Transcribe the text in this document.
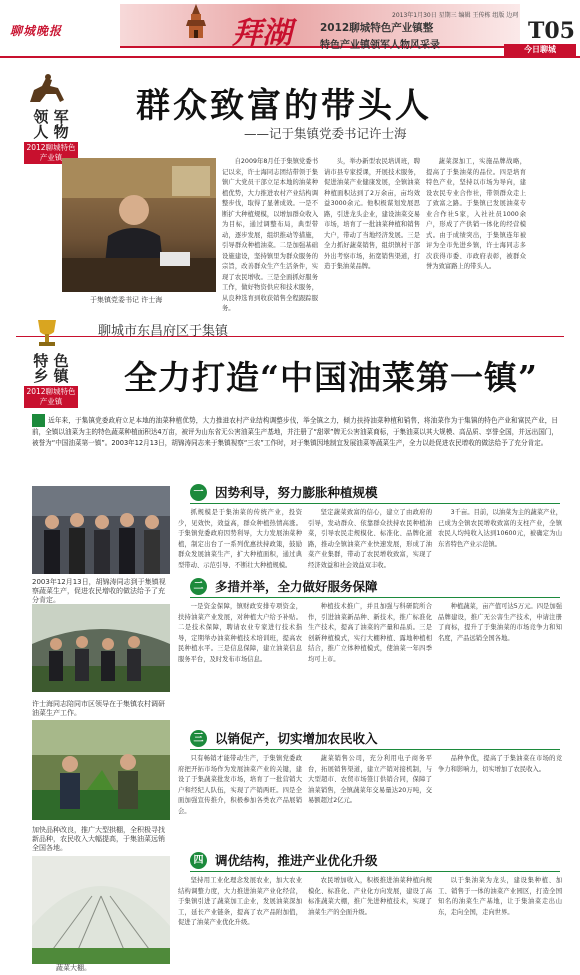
聊城晚报	拜湖	2012聊城特色产业镇整
特色产业镇领军人物风采录
2013年1月30日 星期三 编辑 王传栋 组版 边珂
T05
今日聊城
领 军 人 物
2012聊城特色产业镇
群众致富的带头人
——记于集镇党委书记许士海
于集镇党委书记 许士海

自2009年8月任于集镇党委书记以来，许士海同志团结带领于集镇广大党员干部立足本地的油菜种植优势，大力推进农村产业结构调整步伐，取得了显著成效。一是不断扩大种植规模，以增加群众收入为目标，通过调整布局，典型带动，逐步发展，组织推动等措施，引导群众种植油菜。二是加强基础设施建设，坚持镇里为群众服务的宗旨，改善群众生产生活条件，实现了农民增收。三是全面抓好服务工作，做好物资供应和技术服务，从良种选育到收获销售全程跟踪服务。

头，举办新型农民培训班，聘请市县专家授课，开展技术服务，促进油菜产业健康发展，全镇油菜种植面积达到了2万余亩，亩均效益3000余元。他积极谋划发展思路，引进龙头企业，建设油菜交易市场，培育了一批油菜种植和销售大户，带动了当地经济发展。三是全力抓好蔬菜销售，组织镇村干部外出考察市场，拓宽销售渠道，打造于集油菜品牌。

蔬菜深加工，实施品牌战略，提高了于集油菜的品位。四是培育特色产业，坚持以市场为导向，建设农民专业合作社，带领群众走上了致富之路。于集镇已发展油菜专业合作社5家，入社社员1000余户，形成了产供销一体化的经营模式。由于成绩突出，于集镇连年被评为全市先进乡镇，许士海同志多次获得市委、市政府表彰，被群众誉为致富路上的带头人。

特 色 乡 镇
2012聊城特色产业镇
聊城市东昌府区于集镇
全力打造“中国油菜第一镇”
近年来，于集镇党委政府立足本地的油菜种植优势，大力推进农村产业结构调整步伐，举全镇之力，倾力扶持油菜种植和销售，将油菜作为于集镇的特色产业和富民产业，目前，全镇以油菜为主的特色蔬菜种植面积达4万亩，被评为山东省无公害油菜生产基地，并注册了“甜翠”牌无公害油菜商标，于集油菜以其大规模、高品质、享誉全国，并远出国门，被誉为“中国油菜第一镇”。2003年12月13日，胡锦涛同志来于集镇视察“三农”工作时，对于集镇因地制宜发展油菜等蔬菜生产，全力以赴促进农民增收的做法给予了充分肯定。
2003年12月13日，胡锦涛同志到于集镇视察蔬菜生产，促进农民增收的做法给予了充分肯定。
许士海同志陪同市区领导在于集镇农村调研油菜生产工作。
加快品种改良，推广大型拱棚，全积极寻找新品种，农民收入大幅提高，于集油菜远销全国各地。
蔬菜大棚。
一 因势利导，努力膨胀种植规模

抓规模是于集油菜的传统产业，投资少，见效快，效益高，群众种植热情高涨。于集镇党委政府因势利导，大力发展油菜种植，制定出台了一系列优惠扶持政策，鼓励群众发展油菜生产，扩大种植面积，通过典型带动、示范引导，不断壮大种植规模。

坚定蔬菜致富的信心，建立了由政府的引导，发动群众、依靠群众扶持农民种植油菜，引导农民走规模化、标准化、品牌化道路，推动全镇油菜产业快速发展，形成了油菜产业集群，带动了农民增收致富，实现了经济效益和社会效益双丰收。

3千亩。目前，以油菜为主的蔬菜产业，已成为全镇农民增收致富的支柱产业，全镇农民人均纯收入达到10600元，被确定为山东省特色产业示范镇。

二 多措并举，全力做好服务保障

一是资金保障，镇财政安排专项资金，扶持油菜产业发展，对种植大户给予补贴。二是技术保障，聘请农业专家进行技术指导，定期举办油菜种植技术培训班，提高农民种植水平。三是信息保障，建立油菜信息服务平台，及时发布市场信息。

种植技术推广，并且加强与科研院所合作，引进油菜新品种、新技术，推广标准化生产技术，提高了油菜的产量和品质。三是创新种植模式，实行大棚种植、露地种植相结合，推广立体种植模式，使油菜一年四季均可上市。

种植蔬菜，亩产值可达5万元。四是加强品牌建设，推广无公害生产技术，申请注册了商标，提升了于集油菜的市场竞争力和知名度，产品远销全国各地。

三 以销促产，切实增加农民收入

只有畅销才能带动生产，于集镇党委政府把开拓市场作为发展油菜产业的关键，建设了于集蔬菜批发市场，培育了一批营销大户和经纪人队伍，实现了产销两旺。四是全面加强宣传推介，积极参加各类农产品展销会。

蔬菜销售公司，充分利用电子商务平台，拓展销售渠道，建立产销对接机制，与大型超市、农贸市场签订供销合同，保障了油菜销售，全镇蔬菜年交易量达20万吨，交易额超过2亿元。

品种争优，提高了于集油菜在市场的竞争力和影响力，切实增加了农民收入。

四 调优结构，推进产业优化升级

坚持用工业化理念发展农业，加大农业结构调整力度，大力推进油菜产业化经营，于集镇引进了蔬菜加工企业，发展油菜深加工，延长产业链条，提高了农产品附加值，促进了油菜产业优化升级。

农民增加收入，积极推进油菜种植向规模化、标准化、产业化方向发展，建设了高标准蔬菜大棚，推广先进种植技术，实现了油菜生产的全面升级。

以于集油菜为龙头，建设集种植、加工、销售于一体的油菜产业园区，打造全国知名的油菜生产基地，让于集油菜走出山东，走向全国，走向世界。
